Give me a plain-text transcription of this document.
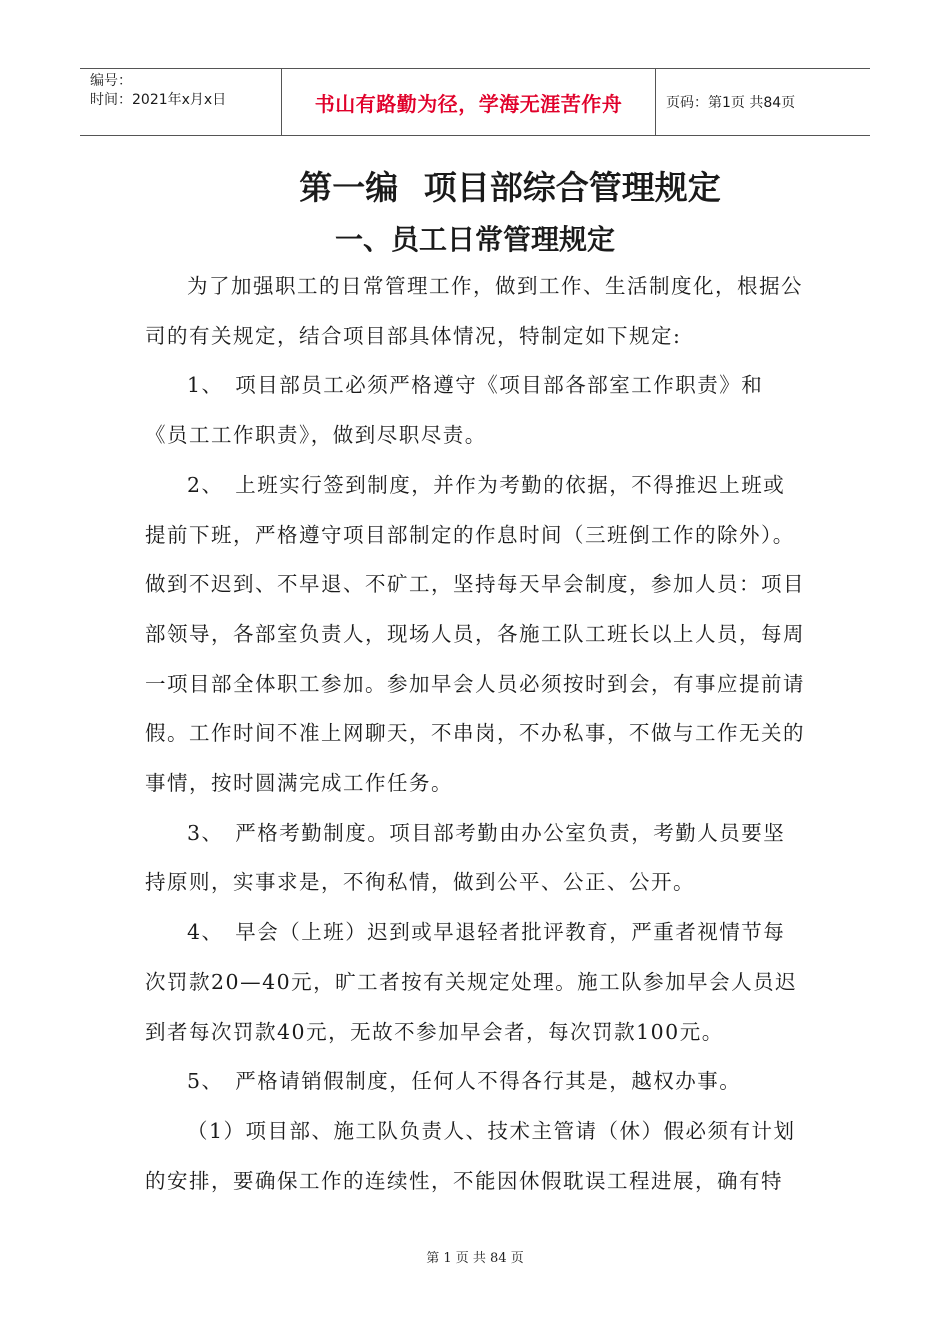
编号：
时间：2021年x月x日	书山有路勤为径，学海无涯苦作舟	页码：第1页 共84页
第一编 项目部综合管理规定
一、员工日常管理规定

为了加强职工的日常管理工作，做到工作、生活制度化，根据公司的有关规定，结合项目部具体情况，特制定如下规定:

1、　项目部员工必须严格遵守《项目部各部室工作职责》和《员工工作职责》，做到尽职尽责。

2、　上班实行签到制度，并作为考勤的依据，不得推迟上班或提前下班，严格遵守项目部制定的作息时间（三班倒工作的除外）。做到不迟到、不早退、不矿工，坚持每天早会制度，参加人员：项目部领导，各部室负责人，现场人员，各施工队工班长以上人员，每周一项目部全体职工参加。参加早会人员必须按时到会，有事应提前请假。工作时间不准上网聊天，不串岗，不办私事，不做与工作无关的事情，按时圆满完成工作任务。

3、　严格考勤制度。项目部考勤由办公室负责，考勤人员要坚持原则，实事求是，不徇私情，做到公平、公正、公开。

4、　早会（上班）迟到或早退轻者批评教育，严重者视情节每次罚款20—40元，旷工者按有关规定处理。施工队参加早会人员迟到者每次罚款40元，无故不参加早会者，每次罚款100元。

5、　严格请销假制度，任何人不得各行其是，越权办事。

（1）项目部、施工队负责人、技术主管请（休）假必须有计划的安排，要确保工作的连续性，不能因休假耽误工程进展，确有特

第 1 页 共 84 页
